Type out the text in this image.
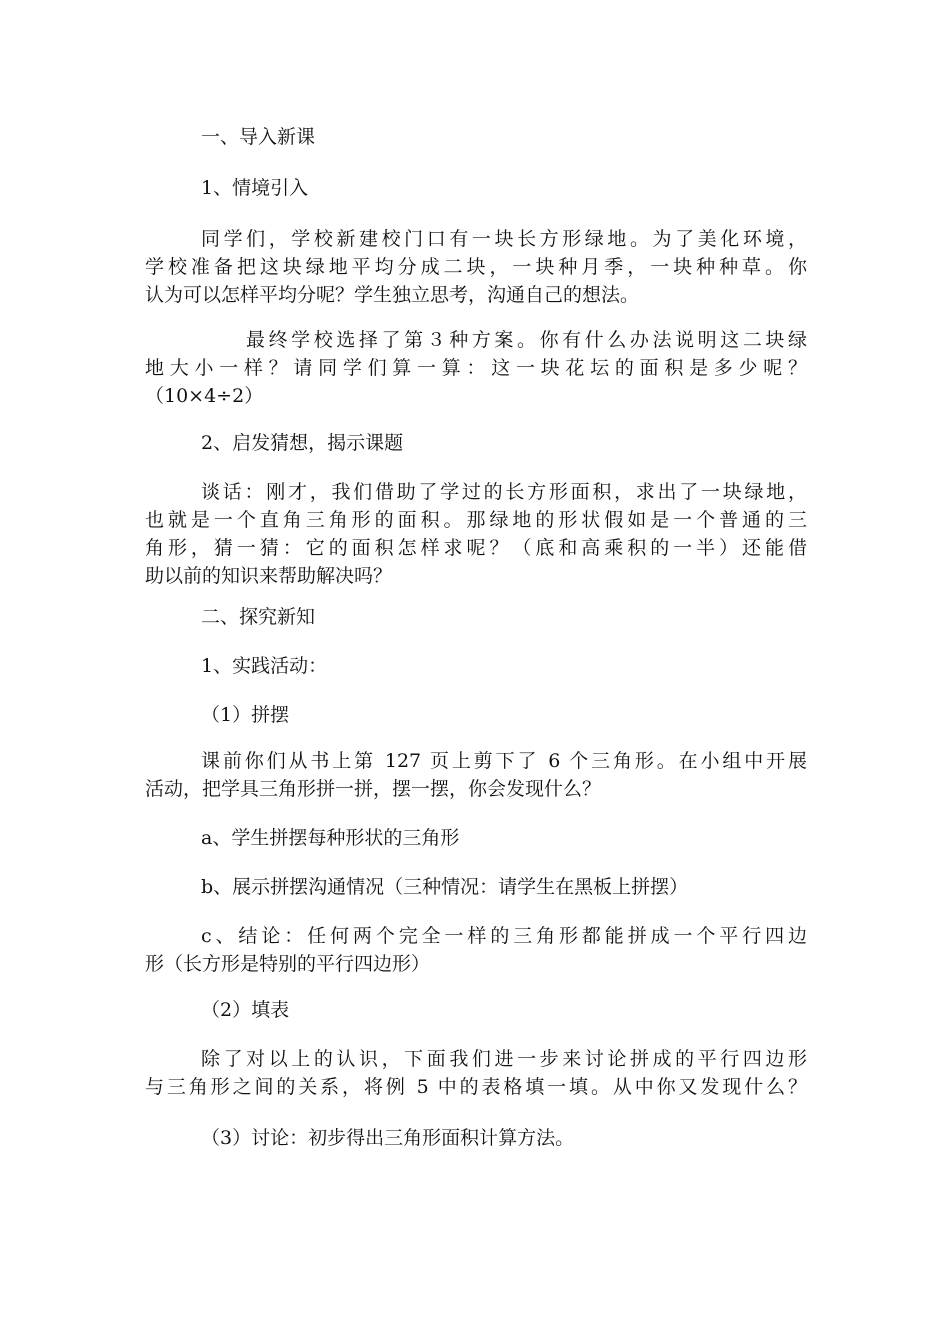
一、导入新课

1、情境引入

同学们，学校新建校门口有一块长方形绿地。为了美化环境，

学校准备把这块绿地平均分成二块，一块种月季，一块种种草。你

认为可以怎样平均分呢？学生独立思考，沟通自己的想法。

最终学校选择了第３种方案。你有什么办法说明这二块绿

地大小一样？请同学们算一算：这一块花坛的面积是多少呢？

（10×4÷2）

2、启发猜想，揭示课题

谈话：刚才，我们借助了学过的长方形面积，求出了一块绿地，

也就是一个直角三角形的面积。那绿地的形状假如是一个普通的三

角形，猜一猜：它的面积怎样求呢？（底和高乘积的一半）还能借

助以前的知识来帮助解决吗？

二、探究新知

1、实践活动：

（1）拼摆

课前你们从书上第 127 页上剪下了 6 个三角形。在小组中开展

活动，把学具三角形拼一拼，摆一摆，你会发现什么？

a、学生拼摆每种形状的三角形

b、展示拼摆沟通情况（三种情况：请学生在黑板上拼摆）

c、结论：任何两个完全一样的三角形都能拼成一个平行四边

形（长方形是特别的平行四边形）

（2）填表

除了对以上的认识，下面我们进一步来讨论拼成的平行四边形

与三角形之间的关系，将例 5 中的表格填一填。从中你又发现什么？

（3）讨论：初步得出三角形面积计算方法。
